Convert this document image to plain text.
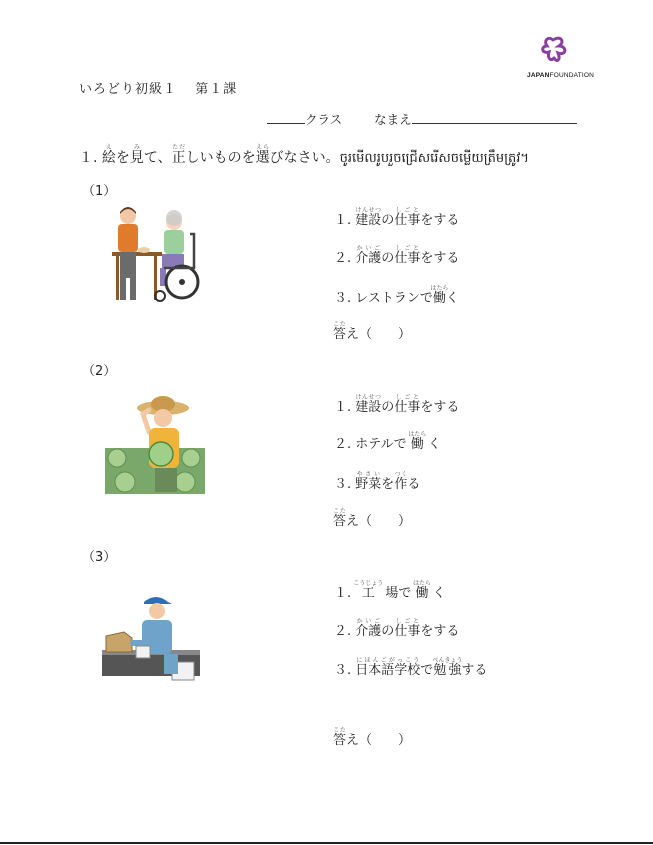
JAPANFOUNDATION
いろどり初級１ 第１課
クラス	なまえ
１. 絵えを見みて、正ただしいものを選えらびなさい。ចូរមើលរូបរួចជ្រើសរើសចម្លើយត្រឹមត្រូវ។
（1）
（2）
（3）
１. 建設けんせつの仕事しごとをする
２. 介護かいごの仕事しごとをする
３. レストランで働はたらく
答こたえ（　　）
１. 建設けんせつの仕事しごとをする
２. ホテルで 働はたら く
３. 野菜やさいを作つくる
答こたえ（　　）
１. 工こうじょう 場で 働はたら く
２. 介護かいごの仕事しごとをする
３. 日本語学校にほんごがっこうで勉強べんきょうする
答こたえ（　　）
